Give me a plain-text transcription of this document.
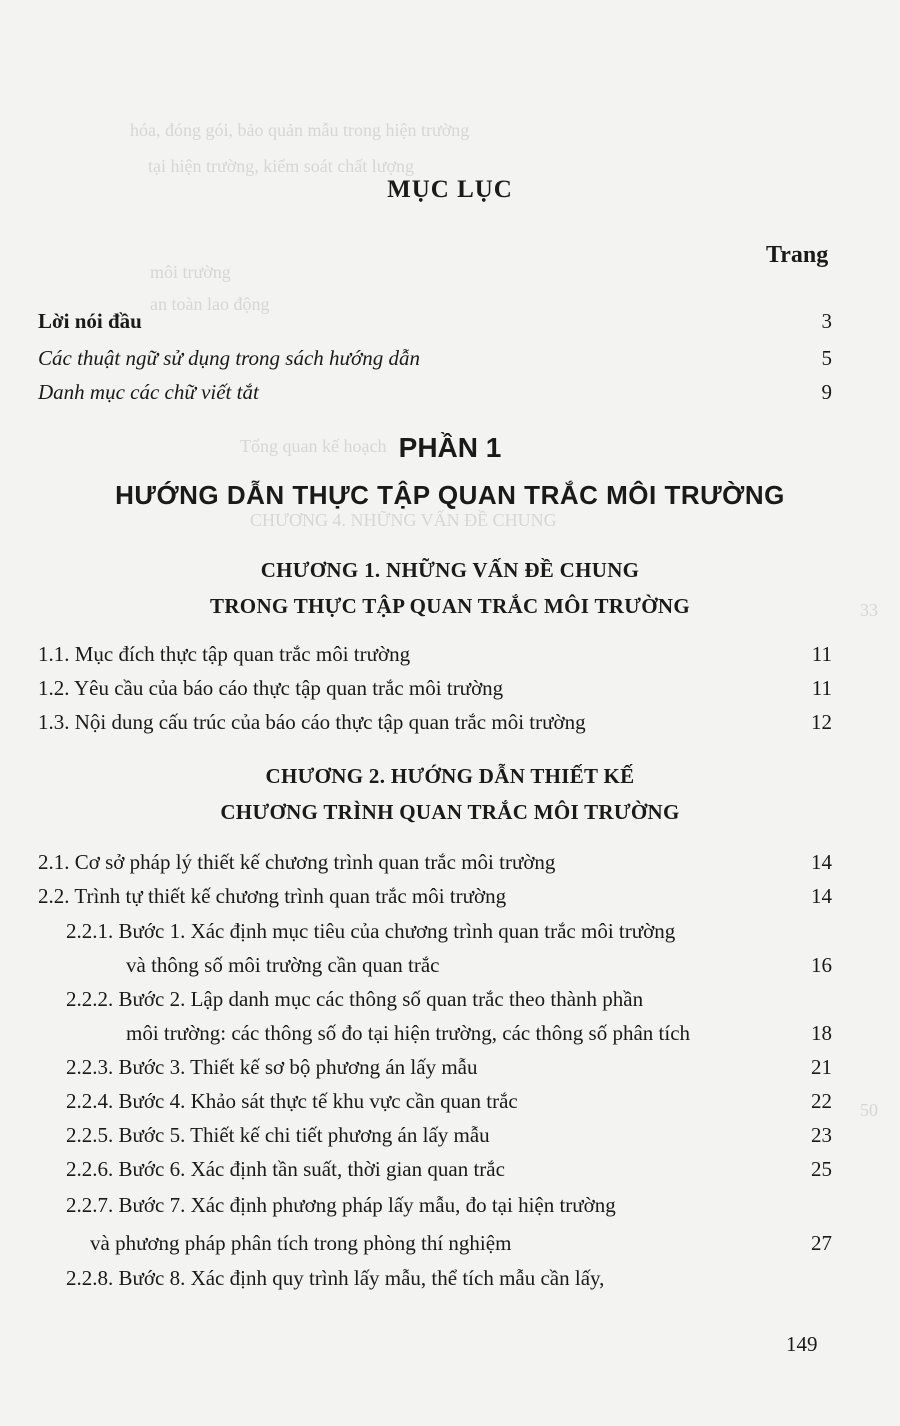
hóa, đóng gói, bảo quản mẫu trong hiện trường
tại hiện trường, kiểm soát chất lượng
môi trường
an toàn lao động
Tổng quan kế hoạch
CHƯƠNG 4. NHỮNG VẤN ĐỀ CHUNG
33
50
MỤC LỤC
Trang
Lời nói đầu	3
Các thuật ngữ sử dụng trong sách hướng dẫn	5
Danh mục các chữ viết tắt	9
PHẦN 1
HƯỚNG DẪN THỰC TẬP QUAN TRẮC MÔI TRƯỜNG
CHƯƠNG 1. NHỮNG VẤN ĐỀ CHUNG
TRONG THỰC TẬP QUAN TRẮC MÔI TRƯỜNG
1.1. Mục đích thực tập quan trắc môi trường	11
1.2. Yêu cầu của báo cáo thực tập quan trắc môi trường	11
1.3. Nội dung cấu trúc của báo cáo thực tập quan trắc môi trường	12
CHƯƠNG 2. HƯỚNG DẪN THIẾT KẾ
CHƯƠNG TRÌNH QUAN TRẮC MÔI TRƯỜNG
2.1. Cơ sở pháp lý thiết kế chương trình quan trắc môi trường	14
2.2. Trình tự thiết kế chương trình quan trắc môi trường	14
2.2.1. Bước 1. Xác định mục tiêu của chương trình quan trắc môi trường
và thông số môi trường cần quan trắc	16
2.2.2. Bước 2. Lập danh mục các thông số quan trắc theo thành phần
môi trường: các thông số đo tại hiện trường, các thông số phân tích	18
2.2.3. Bước 3. Thiết kế sơ bộ phương án lấy mẫu	21
2.2.4. Bước 4. Khảo sát thực tế khu vực cần quan trắc	22
2.2.5. Bước 5. Thiết kế chi tiết phương án lấy mẫu	23
2.2.6. Bước 6. Xác định tần suất, thời gian quan trắc	25
2.2.7. Bước 7. Xác định phương pháp lấy mẫu, đo tại hiện trường
và phương pháp phân tích trong phòng thí nghiệm	27
2.2.8. Bước 8. Xác định quy trình lấy mẫu, thể tích mẫu cần lấy,
149
